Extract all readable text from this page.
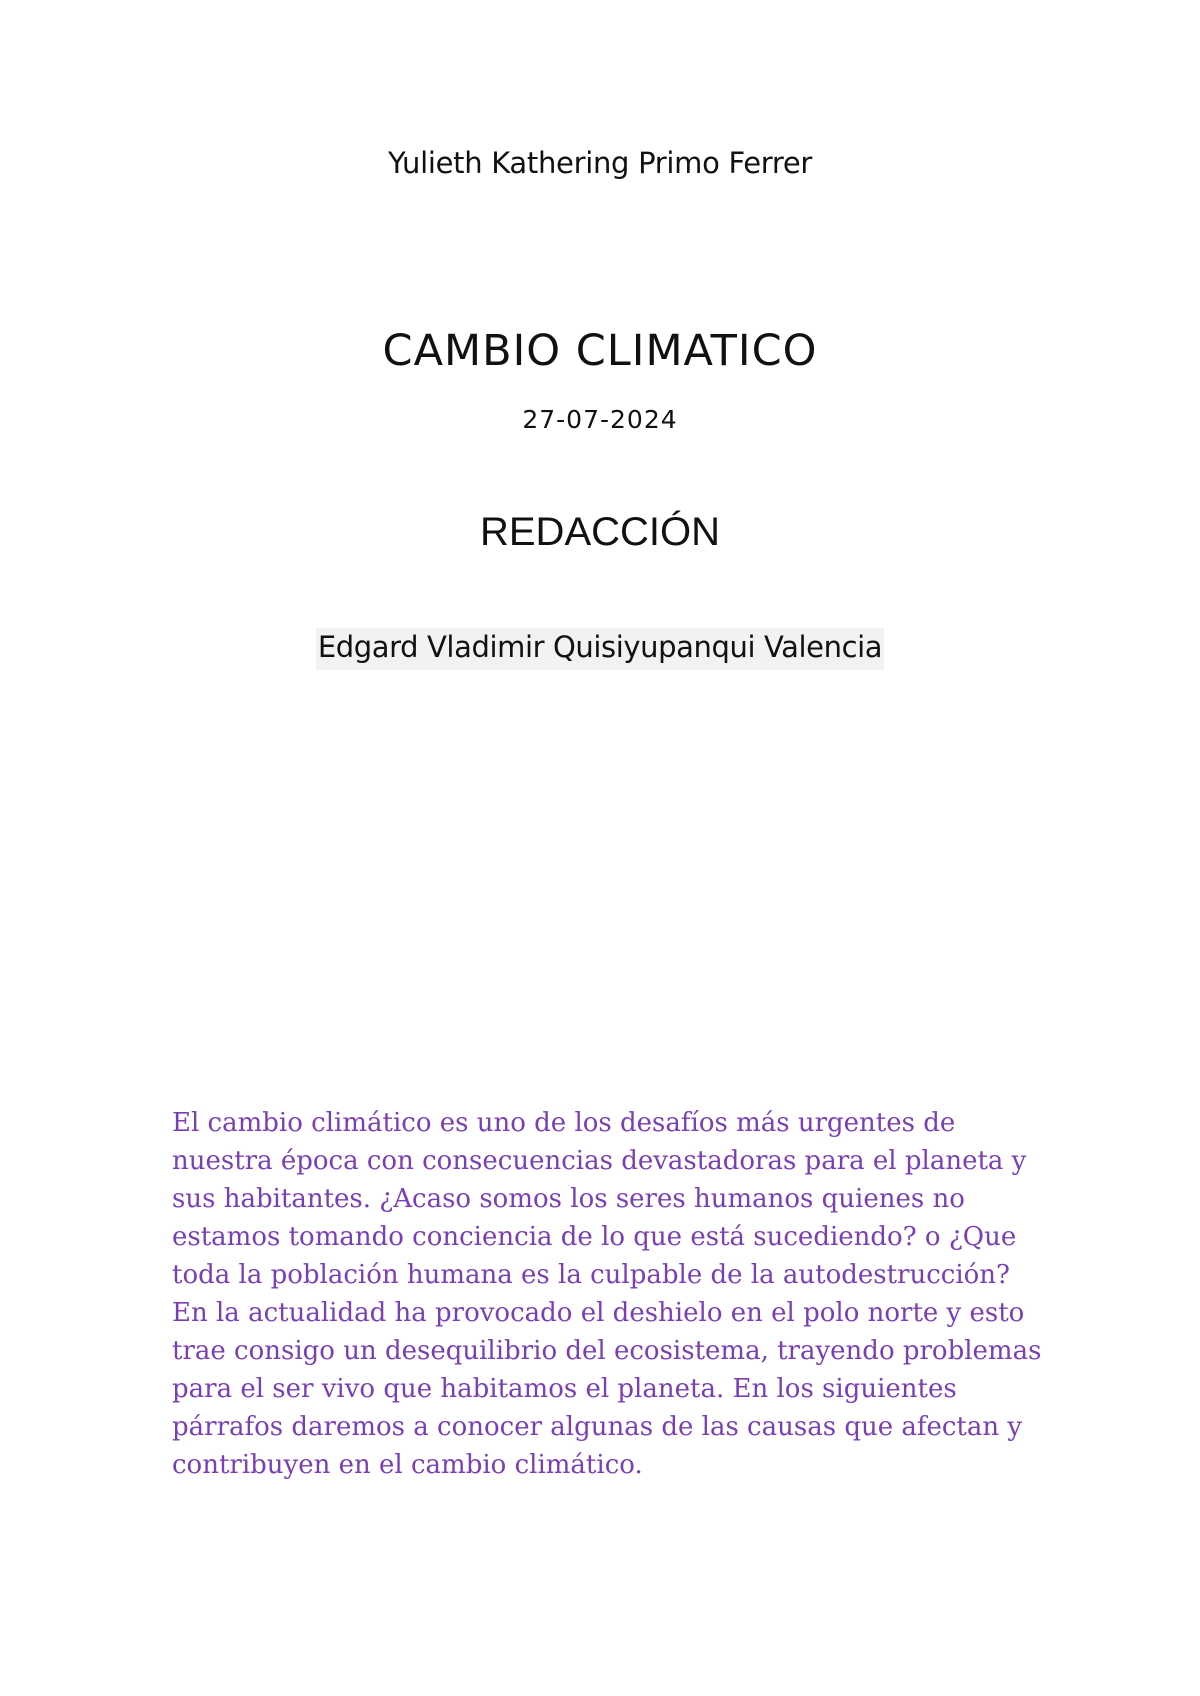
Yulieth Kathering Primo Ferrer
CAMBIO CLIMATICO
27-07-2024
REDACCIÓN
Edgard Vladimir Quisiyupanqui Valencia

El cambio climático es uno de los desafíos más urgentes de nuestra época con consecuencias devastadoras para el planeta y sus habitantes. ¿Acaso somos los seres humanos quienes no estamos tomando conciencia de lo que está sucediendo? o ¿Que toda la población humana es la culpable de la autodestrucción? En la actualidad ha provocado el deshielo en el polo norte y esto trae consigo un desequilibrio del ecosistema, trayendo problemas para el ser vivo que habitamos el planeta. En los siguientes párrafos daremos a conocer algunas de las causas que afectan y contribuyen en el cambio climático.
